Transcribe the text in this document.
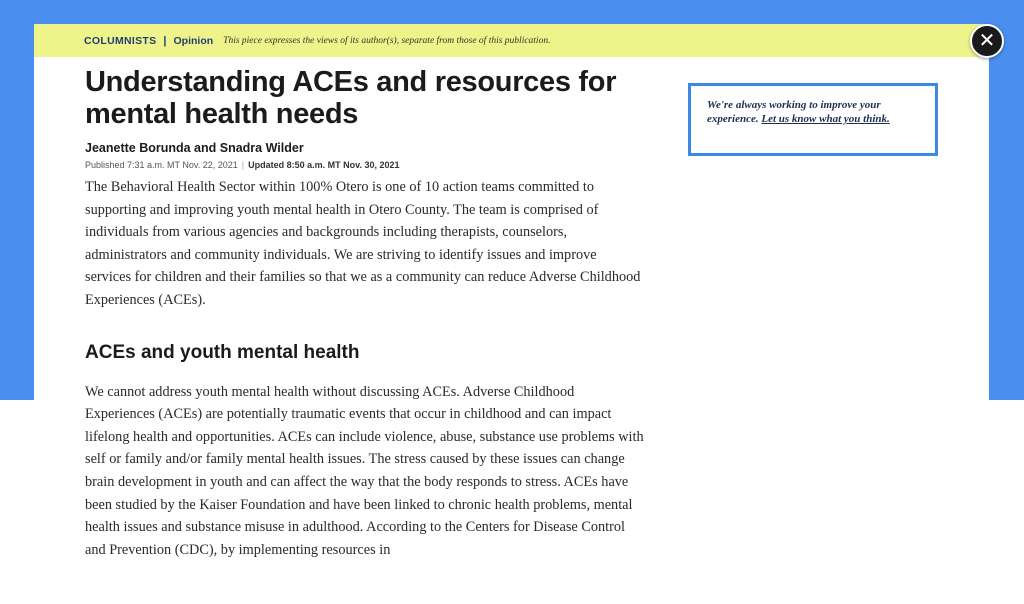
COLUMNISTS | Opinion This piece expresses the views of its author(s), separate from those of this publication.	✕
Understanding ACEs and resources for mental health needs
Jeanette Borunda and Snadra Wilder
Published 7:31 a.m. MT Nov. 22, 2021 | Updated 8:50 a.m. MT Nov. 30, 2021

The Behavioral Health Sector within 100% Otero is one of 10 action teams committed to supporting and improving youth mental health in Otero County. The team is comprised of individuals from various agencies and backgrounds including therapists, counselors, administrators and community individuals. We are striving to identify issues and improve services for children and their families so that we as a community can reduce Adverse Childhood Experiences (ACEs).

ACEs and youth mental health

We cannot address youth mental health without discussing ACEs. Adverse Childhood Experiences (ACEs) are potentially traumatic events that occur in childhood and can impact lifelong health and opportunities. ACEs can include violence, abuse, substance use problems with self or family and/or family mental health issues. The stress caused by these issues can change brain development in youth and can affect the way that the body responds to stress. ACEs have been studied by the Kaiser Foundation and have been linked to chronic health problems, mental health issues and substance misuse in adulthood. According to the Centers for Disease Control and Prevention (CDC), by implementing resources in

We're always working to improve your experience. Let us know what you think.
